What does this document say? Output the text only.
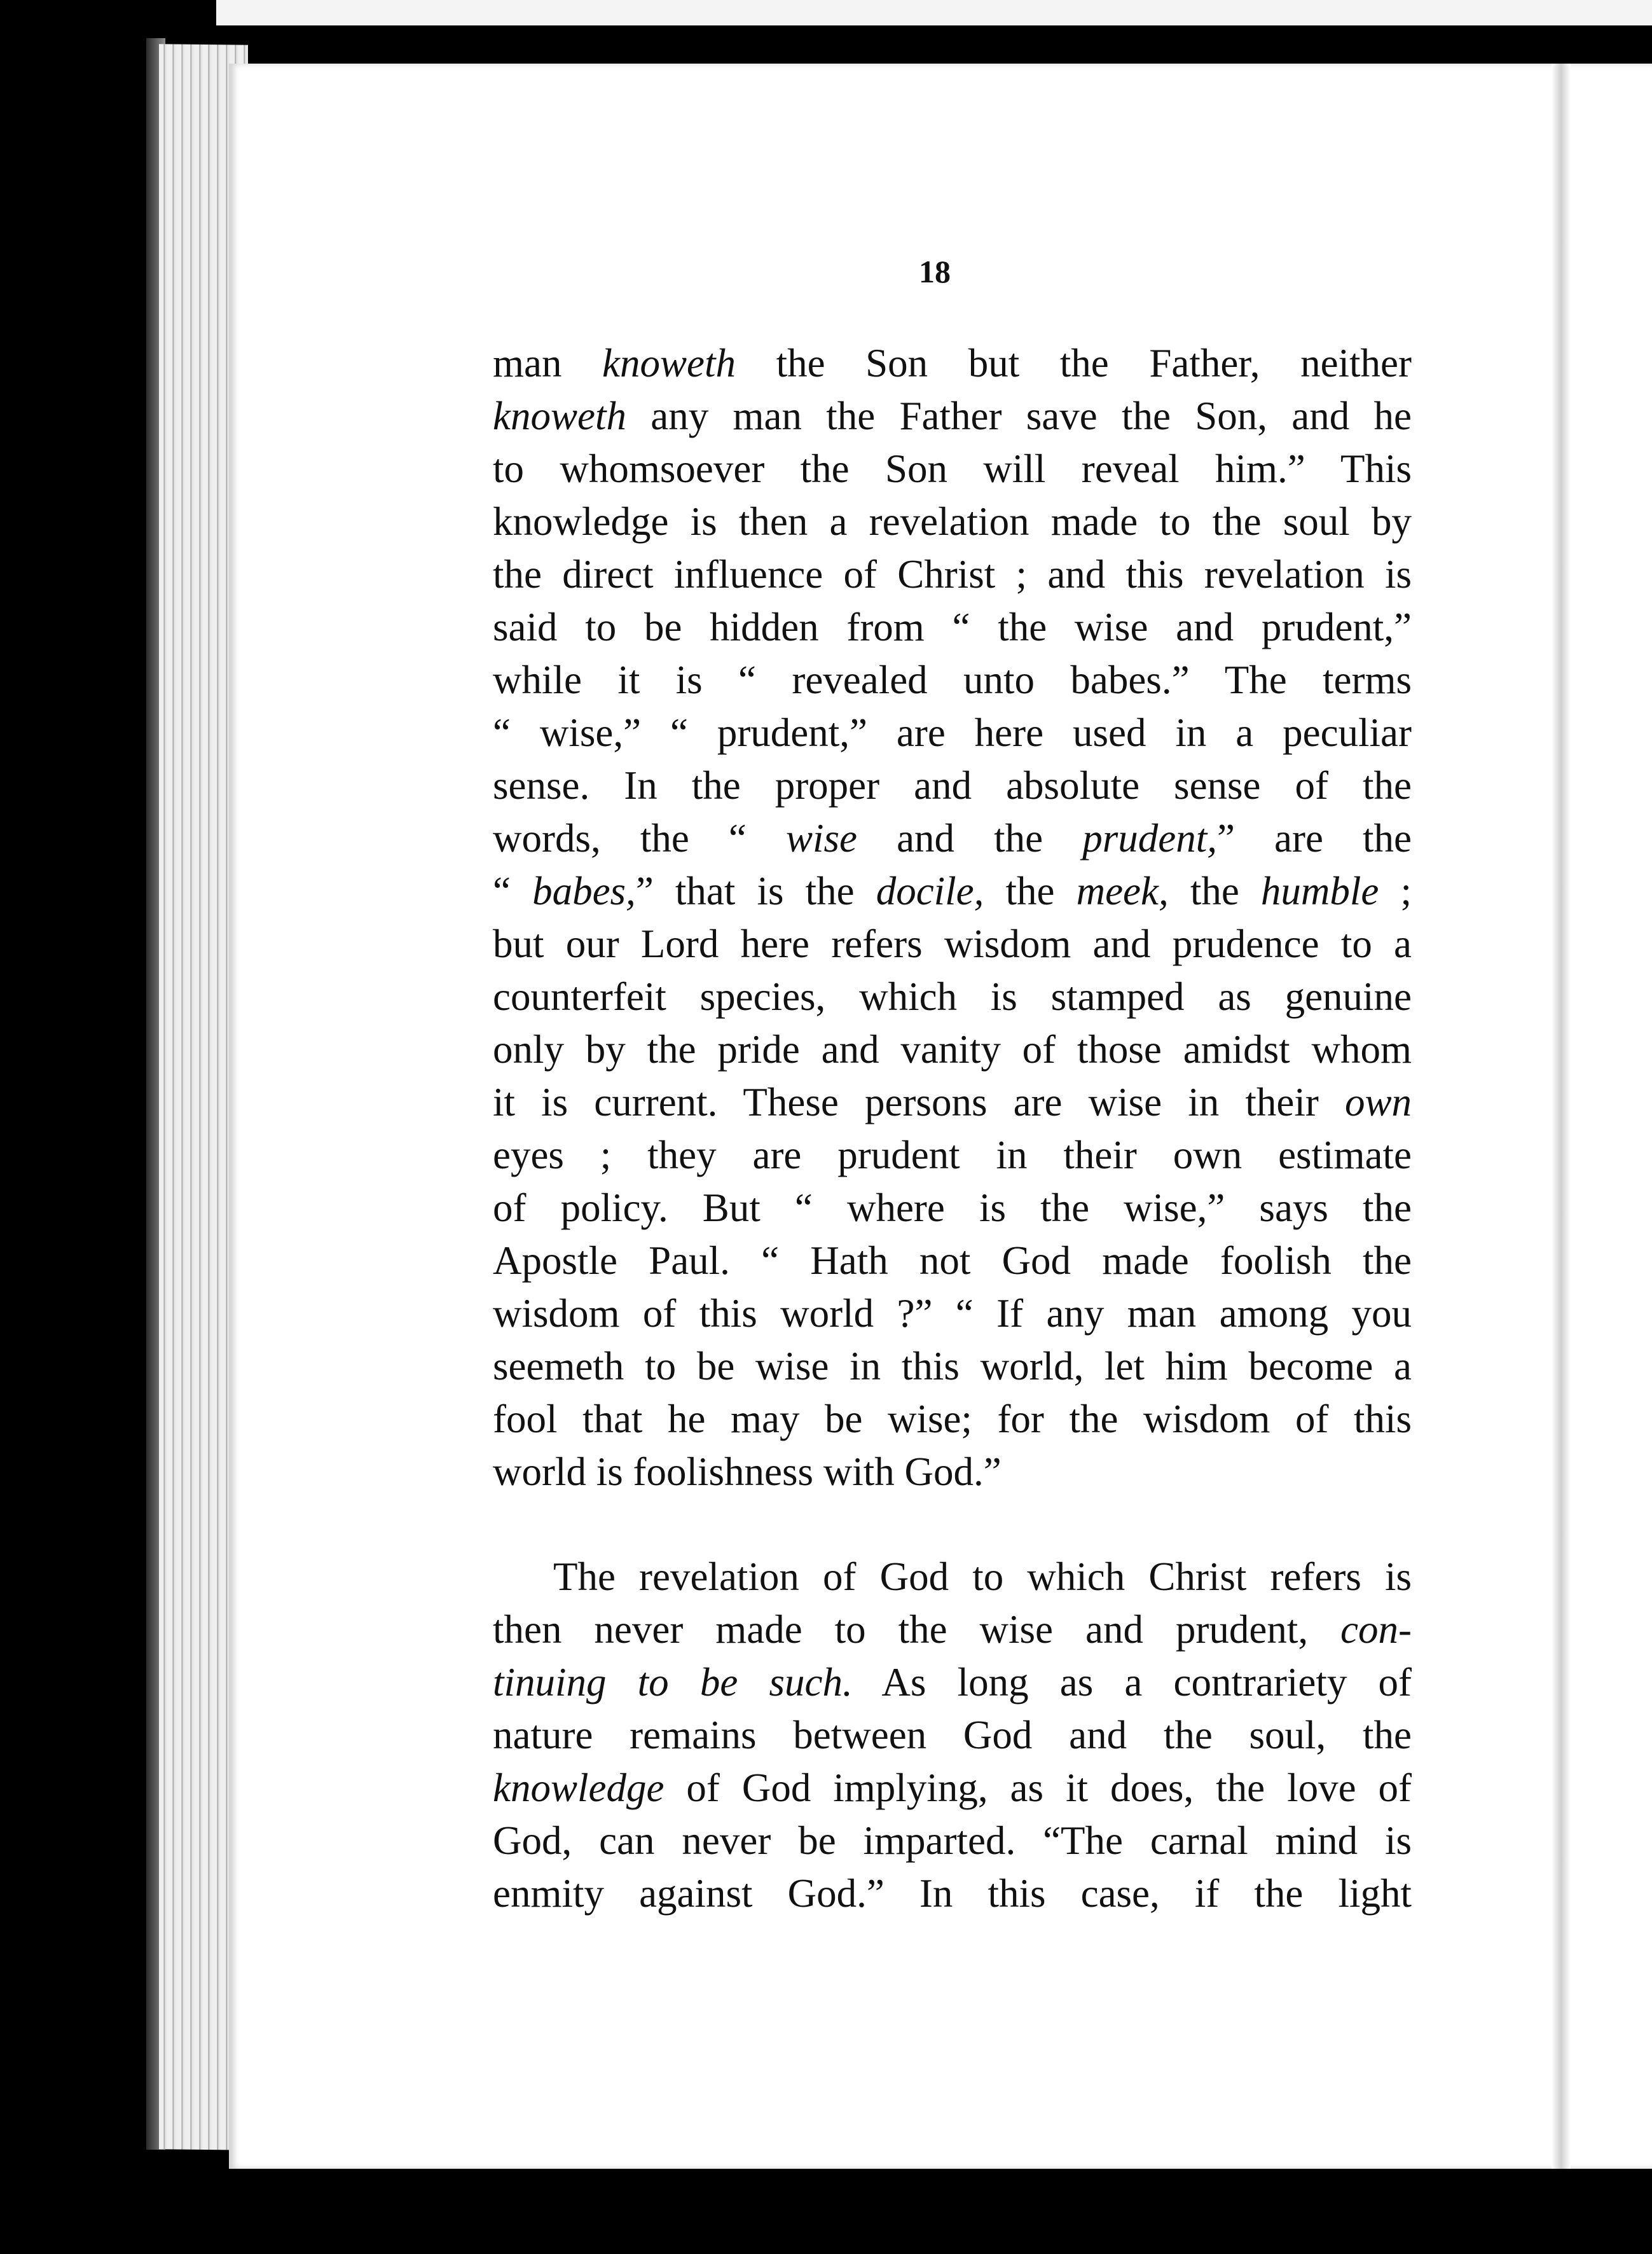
18
man knoweth the Son but the Father, neither
knoweth any man the Father save the Son, and he
to whomsoever the Son will reveal him.” This
knowledge is then a revelation made to the soul by
the direct influence of Christ ; and this revelation is
said to be hidden from “ the wise and prudent,”
while it is “ revealed unto babes.” The terms
“ wise,” “ prudent,” are here used in a peculiar
sense. In the proper and absolute sense of the
words, the “ wise and the prudent,” are the
“ babes,” that is the docile, the meek, the humble ;
but our Lord here refers wisdom and prudence to a
counterfeit species, which is stamped as genuine
only by the pride and vanity of those amidst whom
it is current. These persons are wise in their own
eyes ; they are prudent in their own estimate
of policy. But “ where is the wise,” says the
Apostle Paul. “ Hath not God made foolish the
wisdom of this world ?” “ If any man among you
seemeth to be wise in this world, let him become a
fool that he may be wise; for the wisdom of this
world is foolishness with God.”
The revelation of God to which Christ refers is
then never made to the wise and prudent, con-
tinuing to be such. As long as a contrariety of
nature remains between God and the soul, the
knowledge of God implying, as it does, the love of
God, can never be imparted. “The carnal mind is
enmity against God.” In this case, if the light
